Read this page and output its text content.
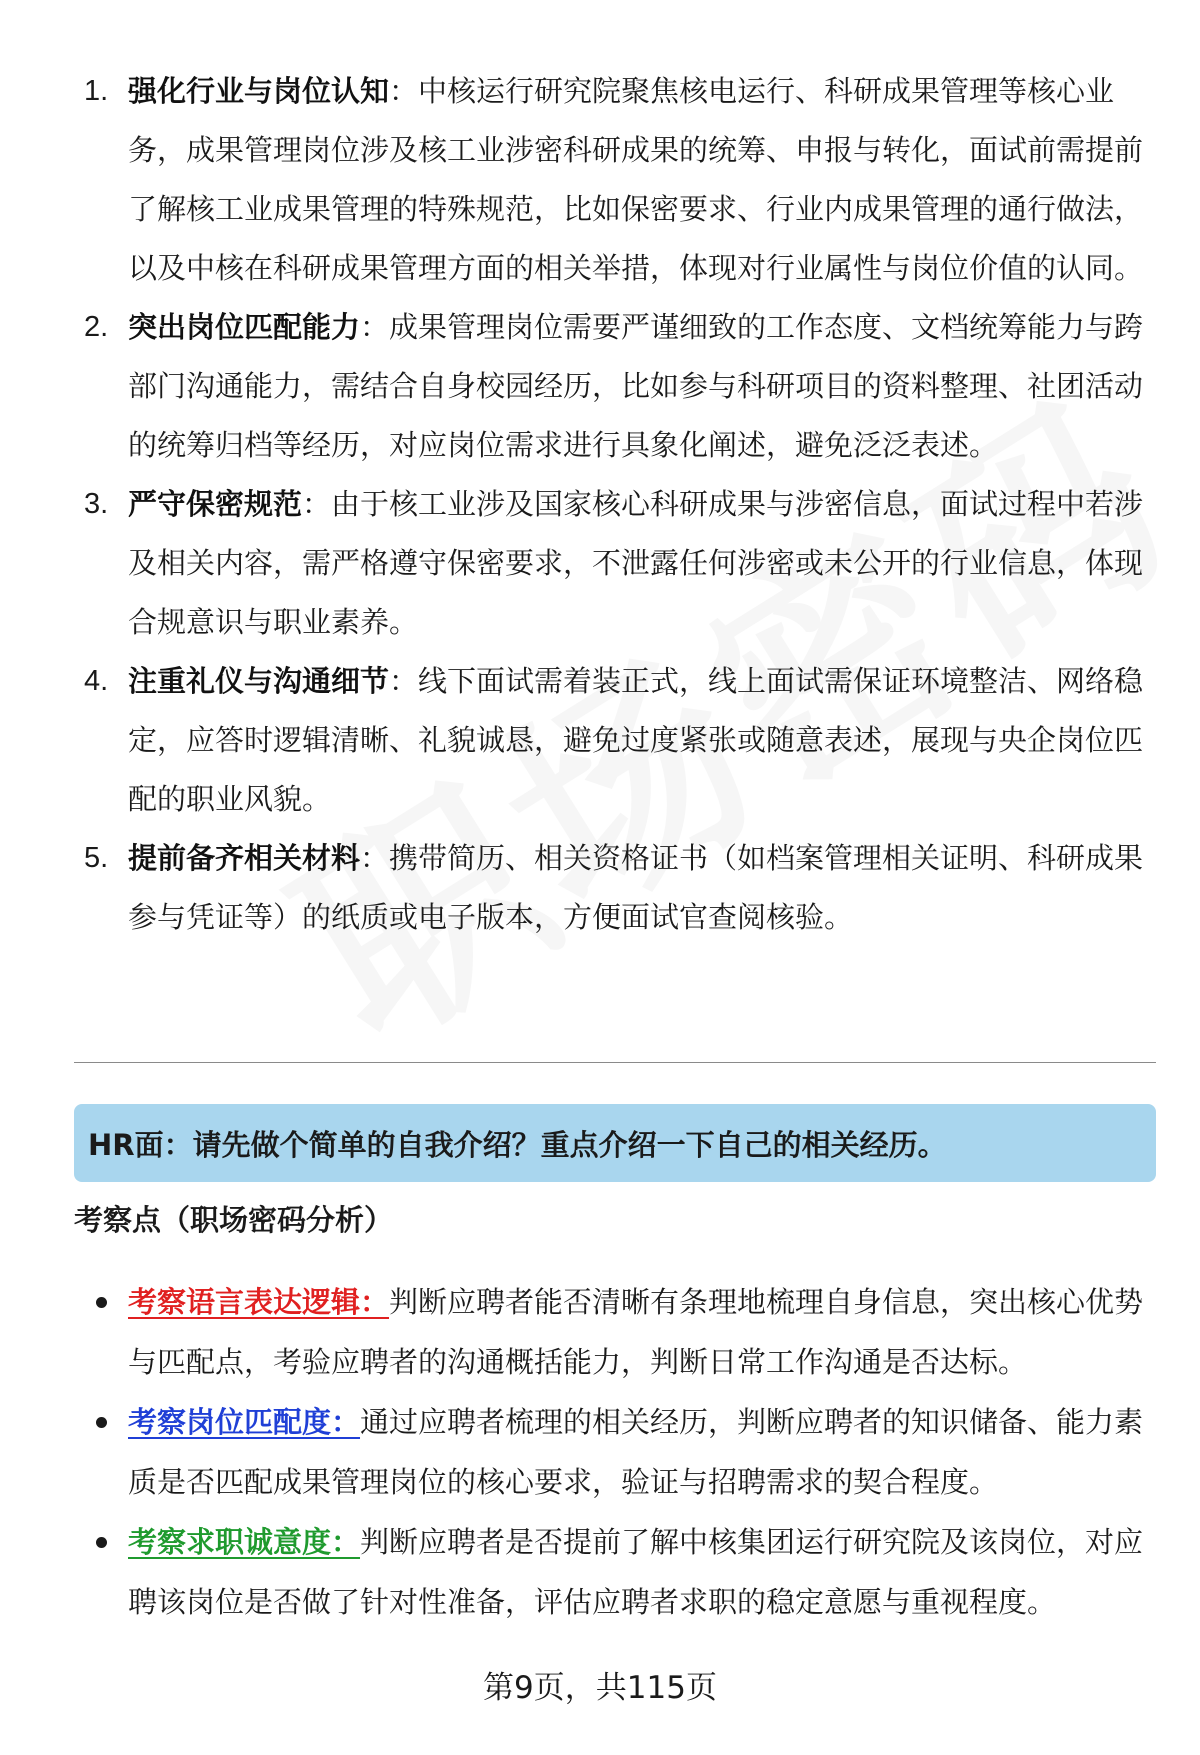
1. 强化行业与岗位认知：中核运行研究院聚焦核电运行、科研成果管理等核心业务，成果管理岗位涉及核工业涉密科研成果的统筹、申报与转化，面试前需提前了解核工业成果管理的特殊规范，比如保密要求、行业内成果管理的通行做法，以及中核在科研成果管理方面的相关举措，体现对行业属性与岗位价值的认同。
2. 突出岗位匹配能力：成果管理岗位需要严谨细致的工作态度、文档统筹能力与跨部门沟通能力，需结合自身校园经历，比如参与科研项目的资料整理、社团活动的统筹归档等经历，对应岗位需求进行具象化阐述，避免泛泛表述。
3. 严守保密规范：由于核工业涉及国家核心科研成果与涉密信息，面试过程中若涉及相关内容，需严格遵守保密要求，不泄露任何涉密或未公开的行业信息，体现合规意识与职业素养。
4. 注重礼仪与沟通细节：线下面试需着装正式，线上面试需保证环境整洁、网络稳定，应答时逻辑清晰、礼貌诚恳，避免过度紧张或随意表述，展现与央企岗位匹配的职业风貌。
5. 提前备齐相关材料：携带简历、相关资格证书（如档案管理相关证明、科研成果参与凭证等）的纸质或电子版本，方便面试官查阅核验。
HR面：请先做个简单的自我介绍？重点介绍一下自己的相关经历。
考察点（职场密码分析）
考察语言表达逻辑：判断应聘者能否清晰有条理地梳理自身信息，突出核心优势与匹配点，考验应聘者的沟通概括能力，判断日常工作沟通是否达标。
考察岗位匹配度：通过应聘者梳理的相关经历，判断应聘者的知识储备、能力素质是否匹配成果管理岗位的核心要求，验证与招聘需求的契合程度。
考察求职诚意度：判断应聘者是否提前了解中核集团运行研究院及该岗位，对应聘该岗位是否做了针对性准备，评估应聘者求职的稳定意愿与重视程度。
第9页，共115页
